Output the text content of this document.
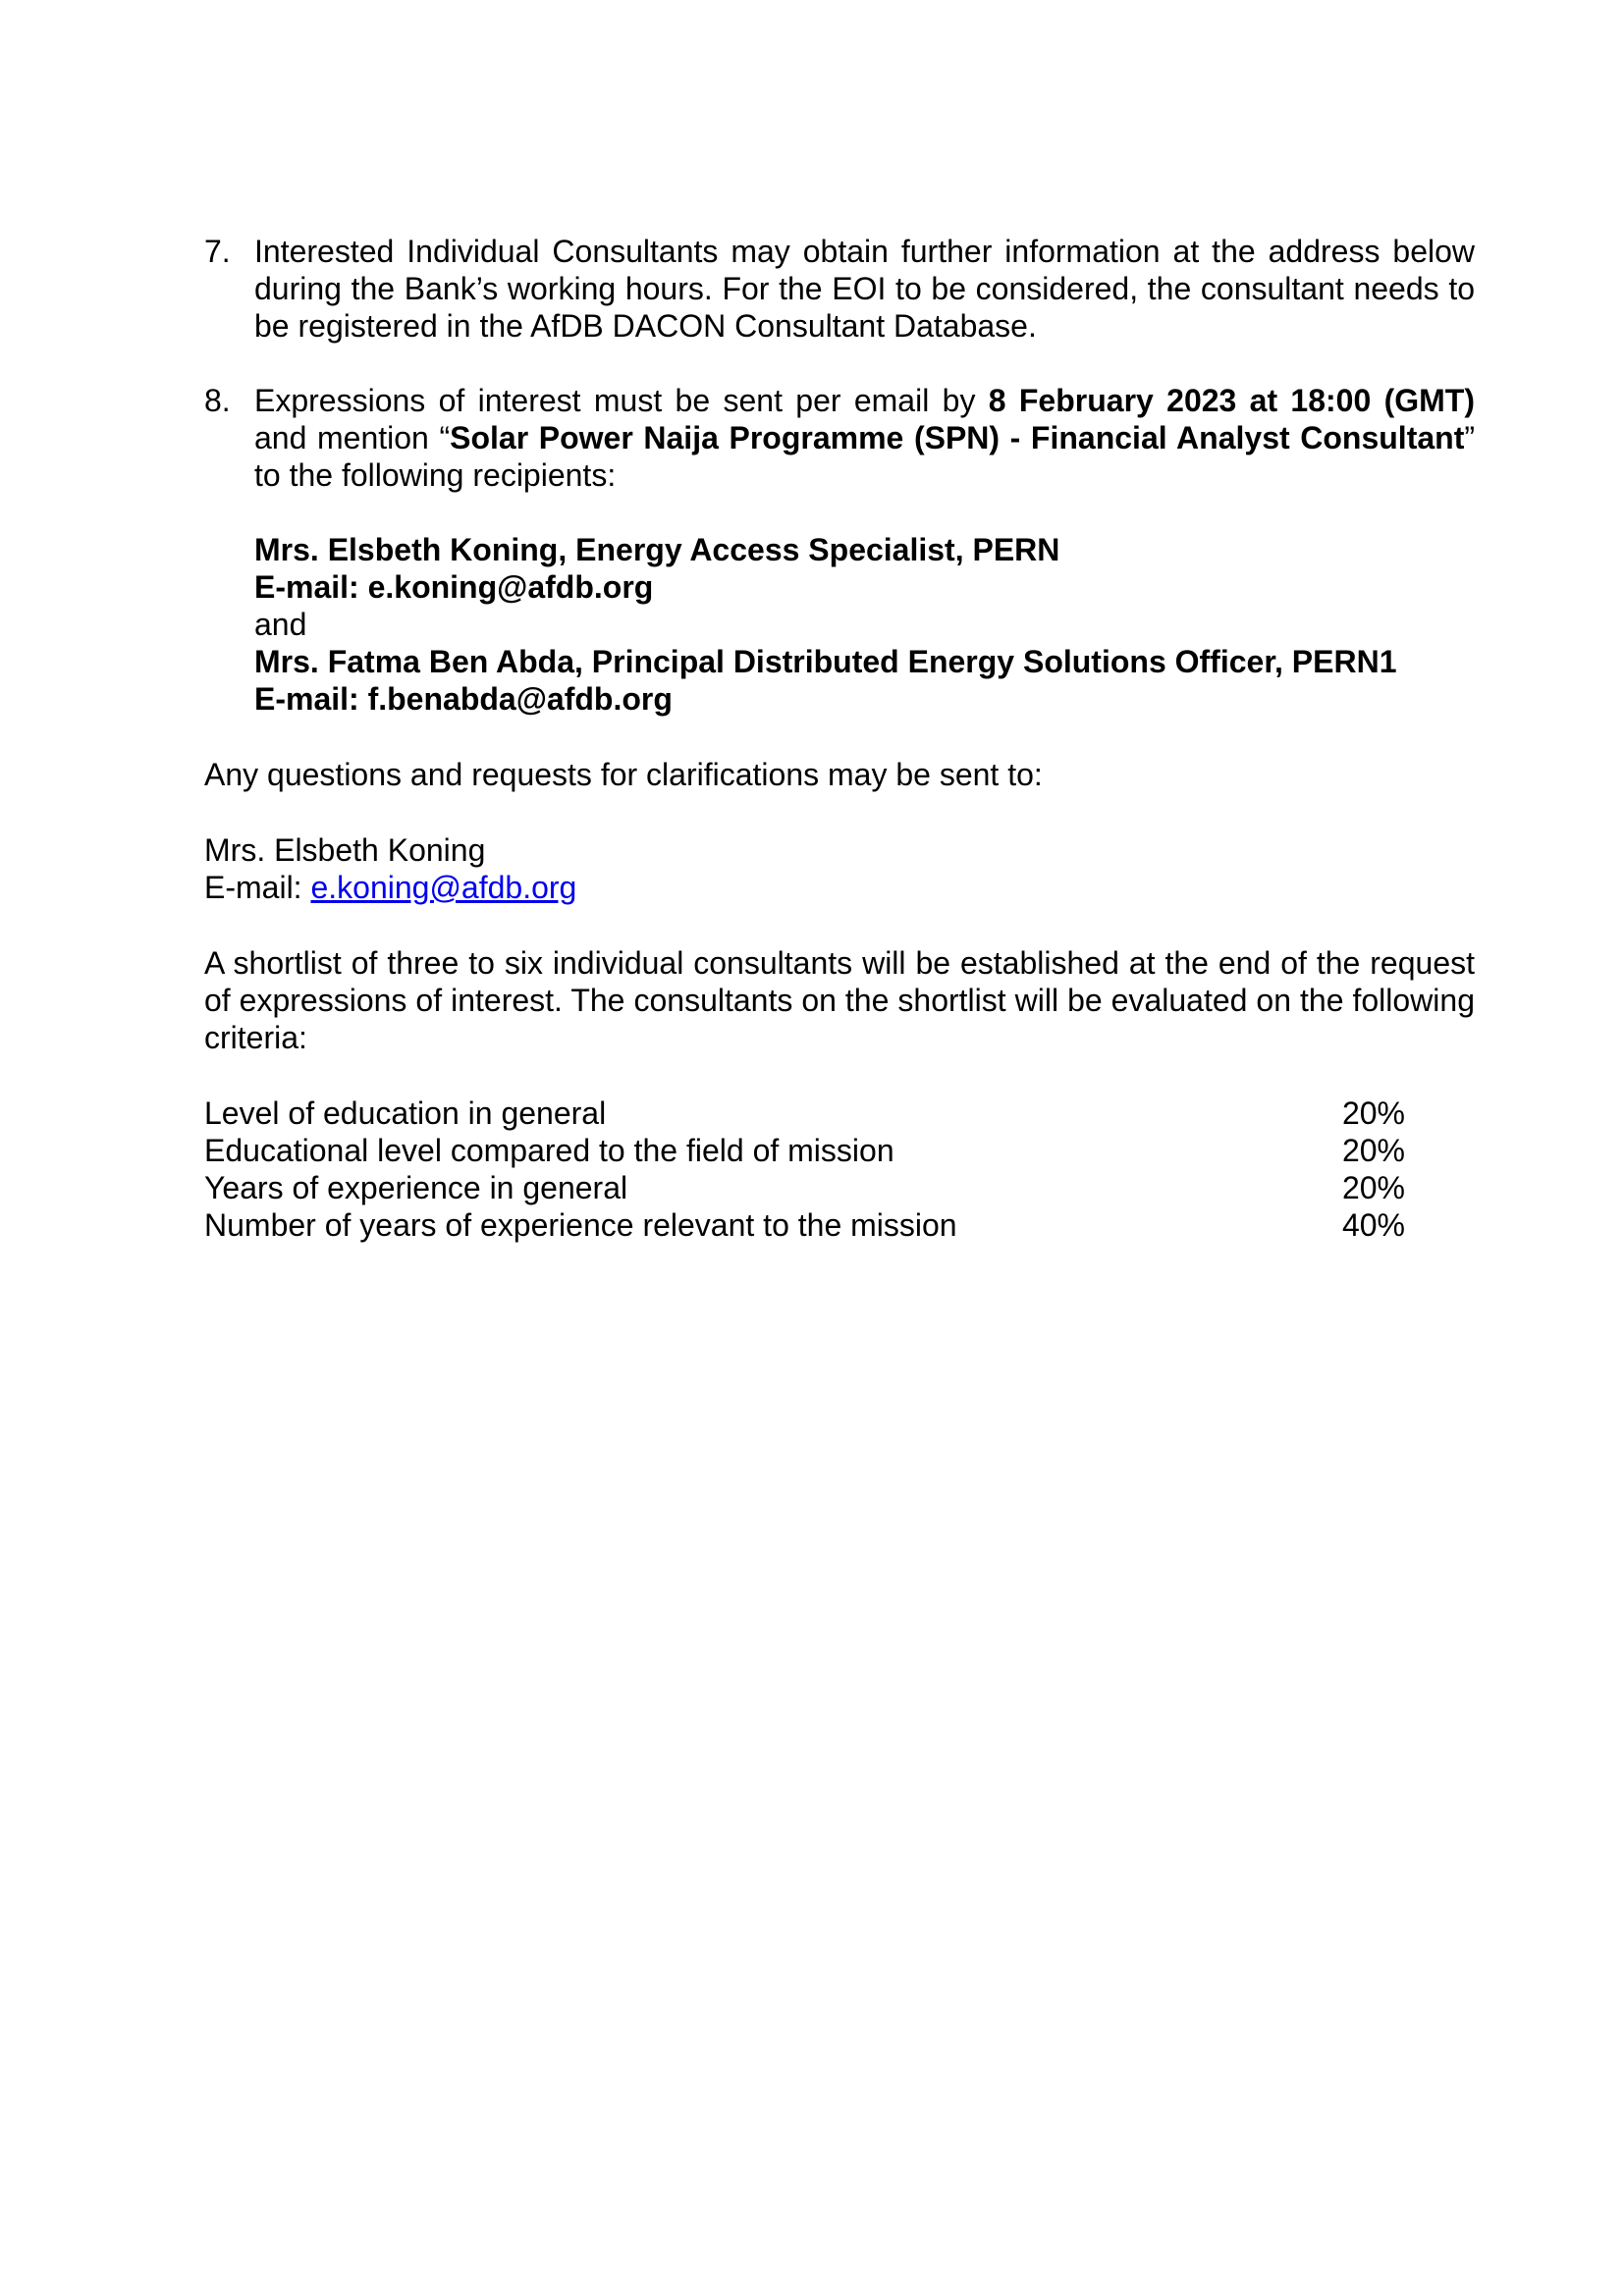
7. Interested Individual Consultants may obtain further information at the address below during the Bank’s working hours. For the EOI to be considered, the consultant needs to be registered in the AfDB DACON Consultant Database.
8. Expressions of interest must be sent per email by 8 February 2023 at 18:00 (GMT) and mention “Solar Power Naija Programme (SPN) - Financial Analyst Consultant” to the following recipients:

Mrs. Elsbeth Koning, Energy Access Specialist, PERN

E-mail: e.koning@afdb.org

and

Mrs. Fatma Ben Abda, Principal Distributed Energy Solutions Officer, PERN1

E-mail: f.benabda@afdb.org

Any questions and requests for clarifications may be sent to:

Mrs. Elsbeth Koning

E-mail: e.koning@afdb.org

A shortlist of three to six individual consultants will be established at the end of the request of expressions of interest. The consultants on the shortlist will be evaluated on the following criteria:

Level of education in general	20%
Educational level compared to the field of mission	20%
Years of experience in general	20%
Number of years of experience relevant to the mission	40%
